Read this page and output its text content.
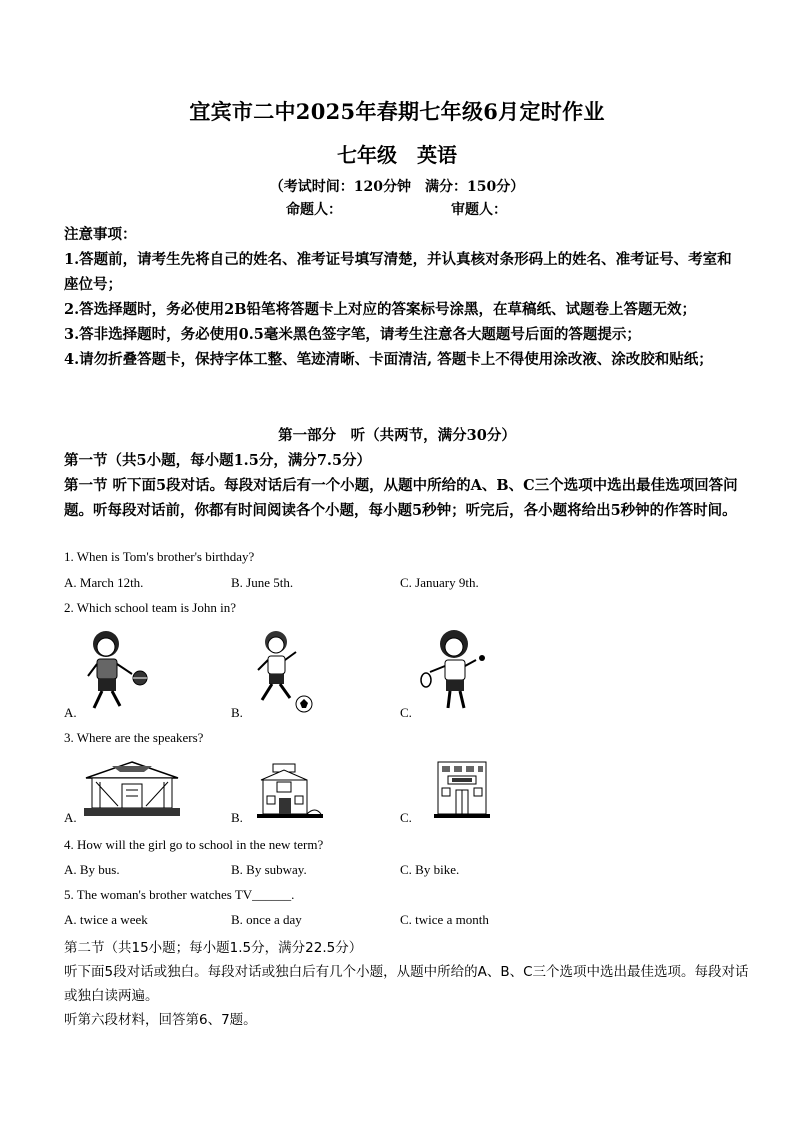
宜宾市二中2025年春期七年级6月定时作业
七年级　英语
（考试时间：120分钟　满分：150分）
命题人：	审题人：
注意事项：
1.答题前，请考生先将自己的姓名、准考证号填写清楚，并认真核对条形码上的姓名、准考证号、考室和座位号；
2.答选择题时，务必使用2B铅笔将答题卡上对应的答案标号涂黑，在草稿纸、试题卷上答题无效；
3.答非选择题时，务必使用0.5毫米黑色签字笔，请考生注意各大题题号后面的答题提示；
4.请勿折叠答题卡，保持字体工整、笔迹清晰、卡面清洁, 答题卡上不得使用涂改液、涂改胶和贴纸；
第一部分　听（共两节，满分30分）
第一节（共5小题，每小题1.5分，满分7.5分）
第一节 听下面5段对话。每段对话后有一个小题，从题中所给的A、B、C三个选项中选出最佳选项回答问题。听每段对话前，你都有时间阅读各个小题，每小题5秒钟；听完后，各小题将给出5秒钟的作答时间。
1. When is Tom's brother's birthday?
A. March 12th.	B. June 5th.	C. January 9th.
2. Which school team is John in?
A.	B.	C.
3. Where are the speakers?
A.	B.	C.
4. How will the girl go to school in the new term?
A. By bus.	B. By subway.	C. By bike.
5. The woman's brother watches TV______.
A. twice a week	B. once a day	C. twice a month
第二节（共15小题；每小题1.5分，满分22.5分）
听下面5段对话或独白。每段对话或独白后有几个小题，从题中所给的A、B、C三个选项中选出最佳选项。每段对话或独白读两遍。
听第六段材料，回答第6、7题。
